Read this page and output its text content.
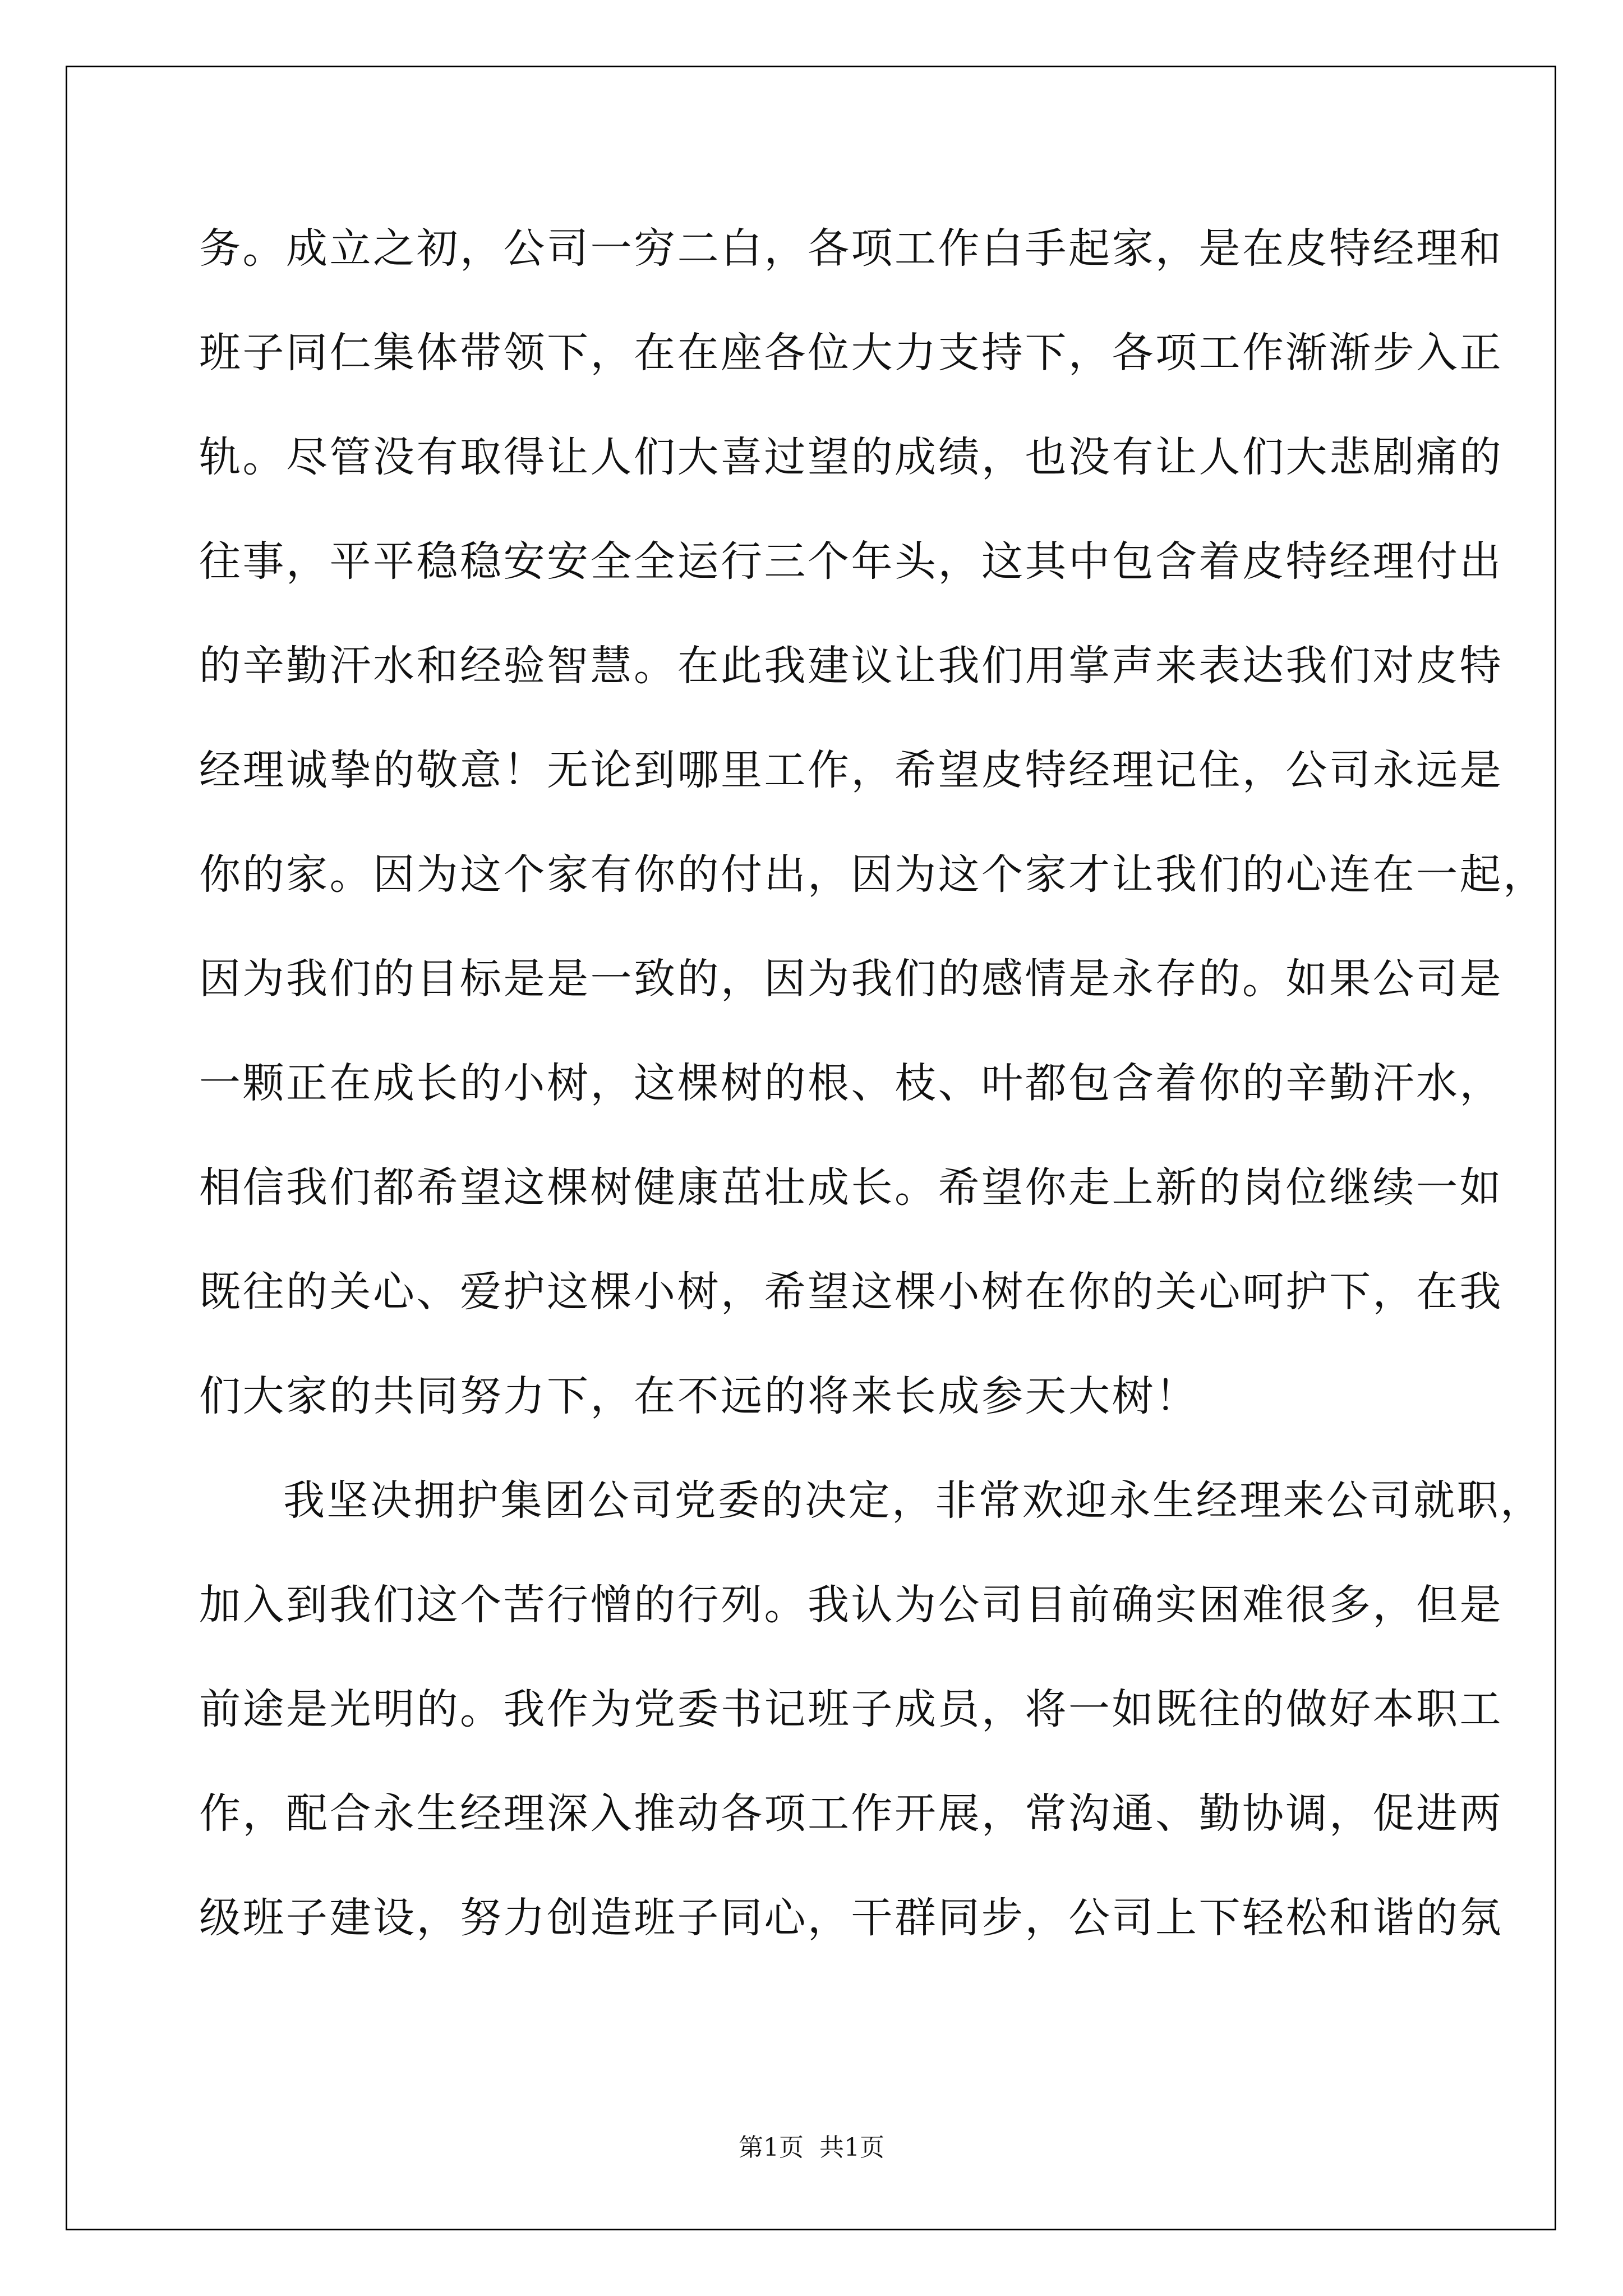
务。成立之初，公司一穷二白，各项工作白手起家，是在皮特经理和
班子同仁集体带领下，在在座各位大力支持下，各项工作渐渐步入正
轨。尽管没有取得让人们大喜过望的成绩，也没有让人们大悲剧痛的
往事，平平稳稳安安全全运行三个年头，这其中包含着皮特经理付出
的辛勤汗水和经验智慧。在此我建议让我们用掌声来表达我们对皮特
经理诚挚的敬意！无论到哪里工作，希望皮特经理记住，公司永远是
你的家。因为这个家有你的付出，因为这个家才让我们的心连在一起，
因为我们的目标是是一致的，因为我们的感情是永存的。如果公司是
一颗正在成长的小树，这棵树的根、枝、叶都包含着你的辛勤汗水，
相信我们都希望这棵树健康茁壮成长。希望你走上新的岗位继续一如
既往的关心、爱护这棵小树，希望这棵小树在你的关心呵护下，在我
们大家的共同努力下，在不远的将来长成参天大树！
我坚决拥护集团公司党委的决定，非常欢迎永生经理来公司就职，
加入到我们这个苦行憎的行列。我认为公司目前确实困难很多，但是
前途是光明的。我作为党委书记班子成员，将一如既往的做好本职工
作，配合永生经理深入推动各项工作开展，常沟通、勤协调，促进两
级班子建设，努力创造班子同心，干群同步，公司上下轻松和谐的氛
第1页 共1页
